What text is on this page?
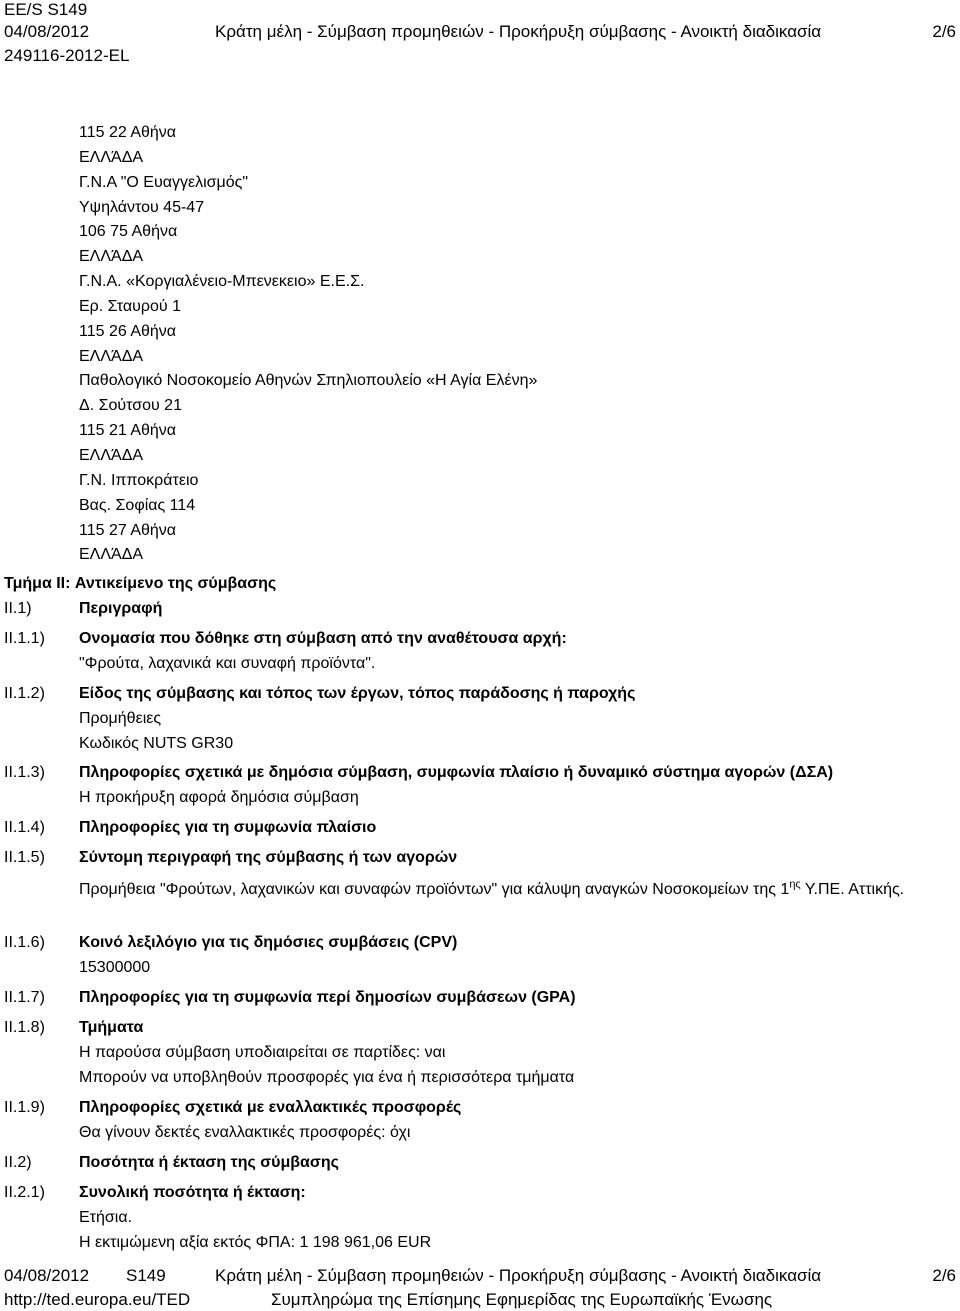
EE/S S149
04/08/2012
249116-2012-EL
Κράτη μέλη - Σύμβαση προμηθειών - Προκήρυξη σύμβασης - Ανοικτή διαδικασία	2/6
115 22 Αθήνα
ΕΛΛΆΔΑ
Γ.Ν.Α "Ο Ευαγγελισμός"
Υψηλάντου 45-47
106 75 Αθήνα
ΕΛΛΆΔΑ
Γ.Ν.Α. «Κοργιαλένειο-Μπενεκειο» Ε.Ε.Σ.
Ερ. Σταυρού 1
115 26 Αθήνα
ΕΛΛΆΔΑ
Παθολογικό Νοσοκομείο Αθηνών Σπηλιοπουλείο «Η Αγία Ελένη»
Δ. Σούτσου 21
115 21 Αθήνα
ΕΛΛΆΔΑ
Γ.Ν. Ιπποκράτειο
Βας. Σοφίας 114
115 27 Αθήνα
ΕΛΛΆΔΑ
Τμήμα II: Αντικείμενο της σύμβασης
II.1)	Περιγραφή
II.1.1) Ονομασία που δόθηκε στη σύμβαση από την αναθέτουσα αρχή:
"Φρούτα, λαχανικά και συναφή προϊόντα".
II.1.2) Είδος της σύμβασης και τόπος των έργων, τόπος παράδοσης ή παροχής
Προμήθειες
Κωδικός NUTS GR30
II.1.3) Πληροφορίες σχετικά με δημόσια σύμβαση, συμφωνία πλαίσιο ή δυναμικό σύστημα αγορών (ΔΣΑ)
Η προκήρυξη αφορά δημόσια σύμβαση
II.1.4) Πληροφορίες για τη συμφωνία πλαίσιο
II.1.5) Σύντομη περιγραφή της σύμβασης ή των αγορών
Προμήθεια "Φρούτων, λαχανικών και συναφών προϊόντων" για κάλυψη αναγκών Νοσοκομείων της $1^{\eta\varsigma}$ Υ.ΠΕ. Αττικής.
II.1.6) Κοινό λεξιλόγιο για τις δημόσιες συμβάσεις (CPV)
15300000
II.1.7) Πληροφορίες για τη συμφωνία περί δημοσίων συμβάσεων (GPA)
II.1.8) Τμήματα
Η παρούσα σύμβαση υποδιαιρείται σε παρτίδες: ναι
Μπορούν να υποβληθούν προσφορές για ένα ή περισσότερα τμήματα
II.1.9) Πληροφορίες σχετικά με εναλλακτικές προσφορές
Θα γίνουν δεκτές εναλλακτικές προσφορές: όχι
II.2)	Ποσότητα ή έκταση της σύμβασης
II.2.1) Συνολική ποσότητα ή έκταση:
Ετήσια.
Η εκτιμώμενη αξία εκτός ΦΠΑ: 1 198 961,06 EUR
04/08/2012 S149	Κράτη μέλη - Σύμβαση προμηθειών - Προκήρυξη σύμβασης - Ανοικτή διαδικασία	2/6
http://ted.europa.eu/TED	Συμπληρώμα της Επίσημης Εφημερίδας της Ευρωπαϊκής Ένωσης
